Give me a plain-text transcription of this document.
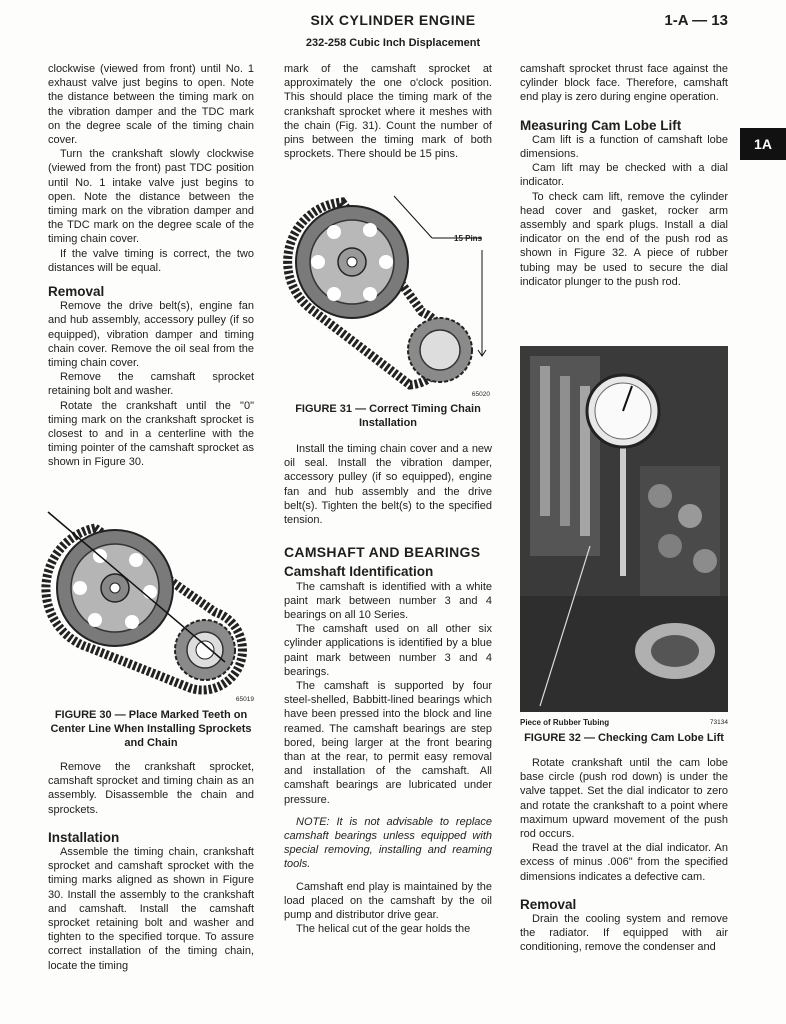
SIX CYLINDER ENGINE
232-258 Cubic Inch Displacement
1-A — 13
1A

clockwise (viewed from front) until No. 1 exhaust valve just begins to open. Note the distance between the timing mark on the vibration damper and the TDC mark on the degree scale of the timing chain cover.

Turn the crankshaft slowly clockwise (viewed from the front) past TDC position until No. 1 intake valve just begins to open. Note the distance between the timing mark on the vibration damper and the TDC mark on the degree scale of the timing chain cover.

If the valve timing is correct, the two distances will be equal.

Removal

Remove the drive belt(s), engine fan and hub assembly, accessory pulley (if so equipped), vibration damper and timing chain cover. Remove the oil seal from the timing chain cover.

Remove the camshaft sprocket retaining bolt and washer.

Rotate the crankshaft until the "0" timing mark on the crankshaft sprocket is closest to and in a centerline with the timing pointer of the camshaft sprocket as shown in Figure 30.

65019
FIGURE 30 — Place Marked Teeth on Center Line When Installing Sprockets and Chain

Remove the crankshaft sprocket, camshaft sprocket and timing chain as an assembly. Disassemble the chain and sprockets.

Installation

Assemble the timing chain, crankshaft sprocket and camshaft sprocket with the timing marks aligned as shown in Figure 30. Install the assembly to the crankshaft and camshaft. Install the camshaft sprocket retaining bolt and washer and tighten to the specified torque. To assure correct installation of the timing chain, locate the timing

mark of the camshaft sprocket at approximately the one o'clock position. This should place the timing mark of the crankshaft sprocket where it meshes with the chain (Fig. 31). Count the number of pins between the timing mark of both sprockets. There should be 15 pins.

15 Pins
65020
FIGURE 31 — Correct Timing Chain Installation

Install the timing chain cover and a new oil seal. Install the vibration damper, accessory pulley (if so equipped), engine fan and hub assembly and the drive belt(s). Tighten the belt(s) to the specified tension.

CAMSHAFT AND BEARINGS
Camshaft Identification

The camshaft is identified with a white paint mark between number 3 and 4 bearings on all 10 Series.

The camshaft used on all other six cylinder applications is identified by a blue paint mark between number 3 and 4 bearings.

The camshaft is supported by four steel-shelled, Babbitt-lined bearings which have been pressed into the block and line reamed. The camshaft bearings are step bored, being larger at the front bearing than at the rear, to permit easy removal and installation of the camshaft. All camshaft bearings are lubricated under pressure.

NOTE: It is not advisable to replace camshaft bearings unless equipped with special removing, installing and reaming tools.

Camshaft end play is maintained by the load placed on the camshaft by the oil pump and distributor drive gear.

The helical cut of the gear holds the

camshaft sprocket thrust face against the cylinder block face. Therefore, camshaft end play is zero during engine operation.

Measuring Cam Lobe Lift

Cam lift is a function of camshaft lobe dimensions.

Cam lift may be checked with a dial indicator.

To check cam lift, remove the cylinder head cover and gasket, rocker arm assembly and spark plugs. Install a dial indicator on the end of the push rod as shown in Figure 32. A piece of rubber tubing may be used to secure the dial indicator plunger to the push rod.

Piece of Rubber Tubing	73134
FIGURE 32 — Checking Cam Lobe Lift

Rotate crankshaft until the cam lobe base circle (push rod down) is under the valve tappet. Set the dial indicator to zero and rotate the crankshaft to a point where maximum upward movement of the push rod occurs.

Read the travel at the dial indicator. An excess of minus .006" from the specified dimensions indicates a defective cam.

Removal

Drain the cooling system and remove the radiator. If equipped with air conditioning, remove the condenser and
